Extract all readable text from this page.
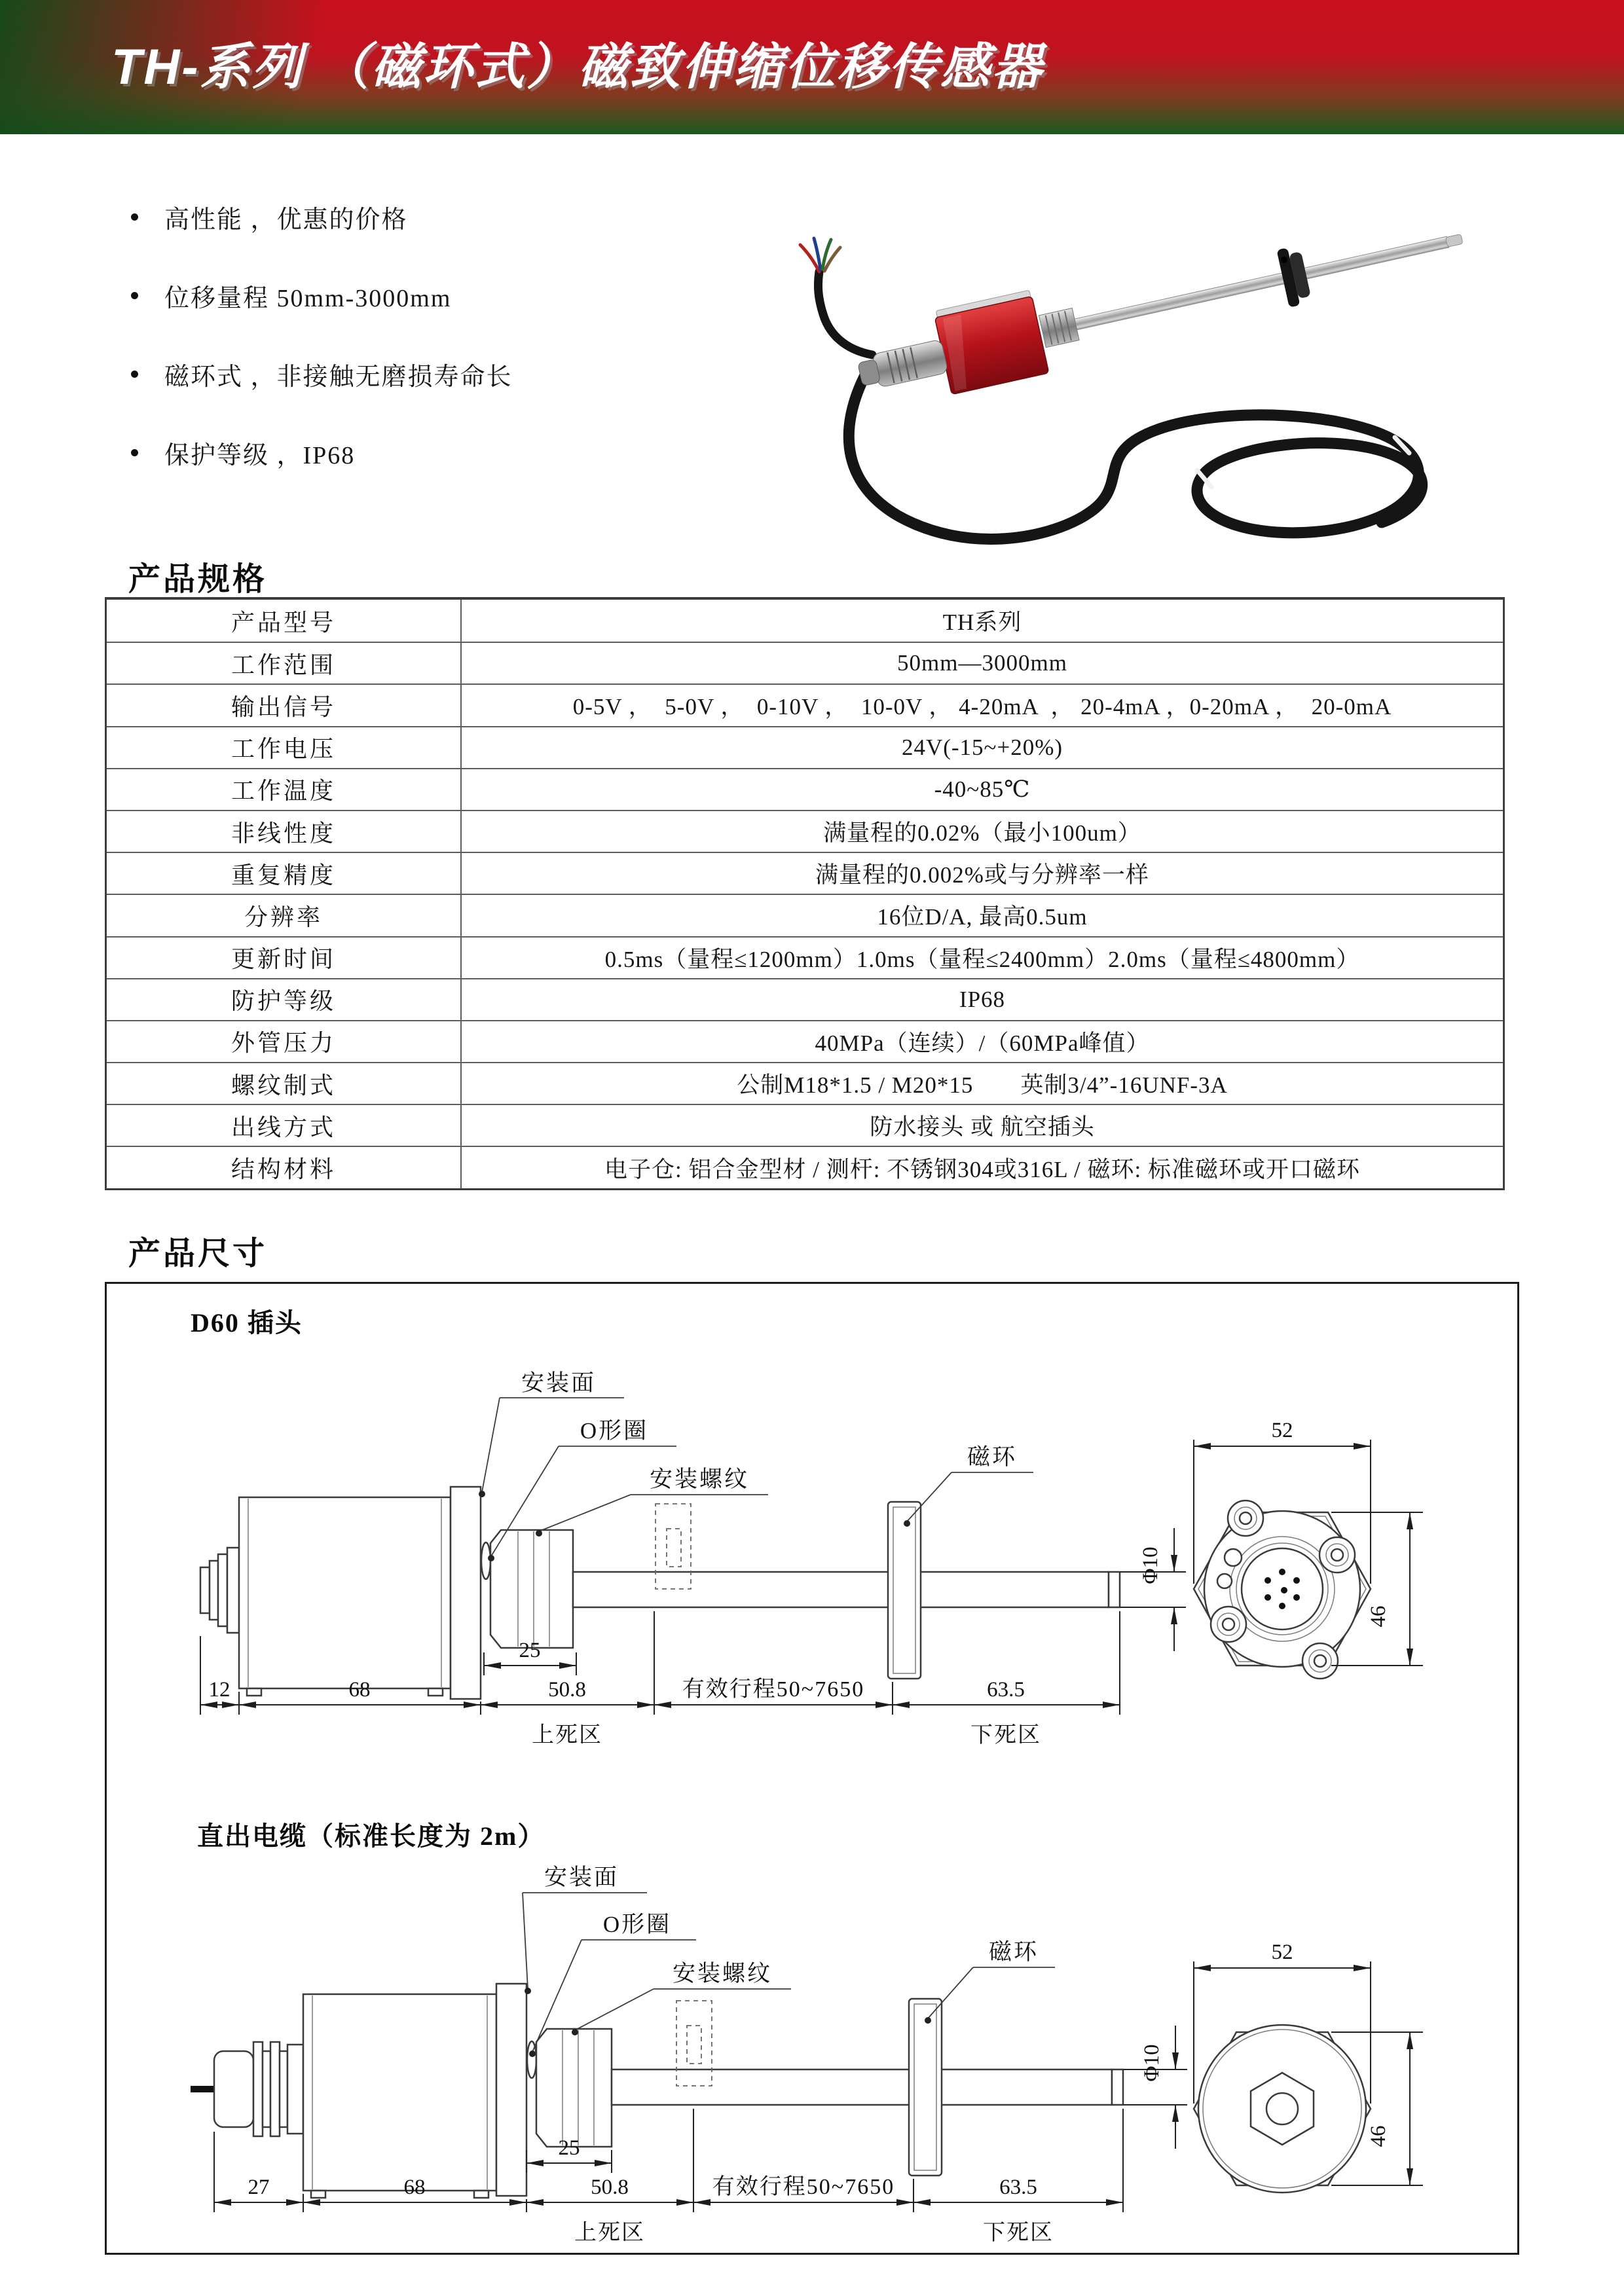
TH-系列 （磁环式）磁致伸缩位移传感器
高性能 ，优惠的价格
位移量程 50mm-3000mm
磁环式 ，非接触无磨损寿命长
保护等级 ，IP68
产品规格
产品型号	TH系列
工作范围	50mm—3000mm
输出信号	0-5V ，  5-0V ，  0-10V ，  10-0V ， 4-20mA  ， 20-4mA ，0-20mA ，  20-0mA
工作电压	24V(-15~+20%)
工作温度	-40~85℃
非线性度	满量程的0.02%（最小100um）
重复精度	满量程的0.002%或与分辨率一样
分辨率	16位D/A, 最高0.5um
更新时间	0.5ms（量程≤1200mm）1.0ms（量程≤2400mm）2.0ms（量程≤4800mm）
防护等级	IP68
外管压力	40MPa（连续）/（60MPa峰值）
螺纹制式	公制M18*1.5 / M20*15　　英制3/4”-16UNF-3A
出线方式	防水接头 或 航空插头
结构材料	电子仓: 铝合金型材 / 测杆: 不锈钢304或316L / 磁环: 标准磁环或开口磁环
产品尺寸
D60 插头
安装面
O形圈
安装螺纹
磁环
Φ10
12	68	50.8	有效行程50~7650	63.5
上死区	下死区
25
52
46
直出电缆（标准长度为 2m）
安装面
O形圈
安装螺纹
磁环
Φ10
27	68	50.8	有效行程50~7650	63.5
上死区	下死区
25
52
46
